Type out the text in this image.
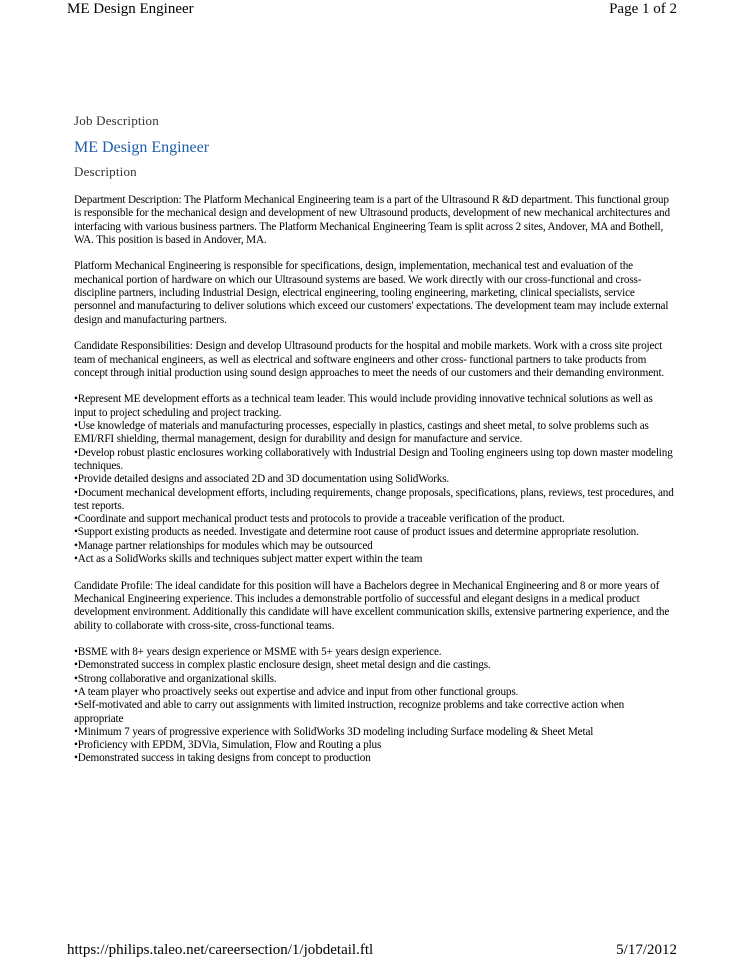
ME Design Engineer	Page 1 of 2
Job Description
ME Design Engineer
Description

Department Description: The Platform Mechanical Engineering team is a part of the Ultrasound R &D department. This functional group is responsible for the mechanical design and development of new Ultrasound products, development of new mechanical architectures and interfacing with various business partners. The Platform Mechanical Engineering Team is split across 2 sites, Andover, MA and Bothell, WA. This position is based in Andover, MA.

Platform Mechanical Engineering is responsible for specifications, design, implementation, mechanical test and evaluation of the mechanical portion of hardware on which our Ultrasound systems are based. We work directly with our cross-functional and cross-discipline partners, including Industrial Design, electrical engineering, tooling engineering, marketing, clinical specialists, service personnel and manufacturing to deliver solutions which exceed our customers' expectations. The development team may include external design and manufacturing partners.

Candidate Responsibilities: Design and develop Ultrasound products for the hospital and mobile markets. Work with a cross site project team of mechanical engineers, as well as electrical and software engineers and other cross- functional partners to take products from concept through initial production using sound design approaches to meet the needs of our customers and their demanding environment.

•Represent ME development efforts as a technical team leader. This would include providing innovative technical solutions as well as input to project scheduling and project tracking.

•Use knowledge of materials and manufacturing processes, especially in plastics, castings and sheet metal, to solve problems such as EMI/RFI shielding, thermal management, design for durability and design for manufacture and service.

•Develop robust plastic enclosures working collaboratively with Industrial Design and Tooling engineers using top down master modeling techniques.

•Provide detailed designs and associated 2D and 3D documentation using SolidWorks.

•Document mechanical development efforts, including requirements, change proposals, specifications, plans, reviews, test procedures, and test reports.

•Coordinate and support mechanical product tests and protocols to provide a traceable verification of the product.

•Support existing products as needed. Investigate and determine root cause of product issues and determine appropriate resolution.

•Manage partner relationships for modules which may be outsourced

•Act as a SolidWorks skills and techniques subject matter expert within the team

Candidate Profile: The ideal candidate for this position will have a Bachelors degree in Mechanical Engineering and 8 or more years of Mechanical Engineering experience. This includes a demonstrable portfolio of successful and elegant designs in a medical product development environment. Additionally this candidate will have excellent communication skills, extensive partnering experience, and the ability to collaborate with cross-site, cross-functional teams.

•BSME with 8+ years design experience or MSME with 5+ years design experience.

•Demonstrated success in complex plastic enclosure design, sheet metal design and die castings.

•Strong collaborative and organizational skills.

•A team player who proactively seeks out expertise and advice and input from other functional groups.

•Self-motivated and able to carry out assignments with limited instruction, recognize problems and take corrective action when appropriate

•Minimum 7 years of progressive experience with SolidWorks 3D modeling including Surface modeling & Sheet Metal

•Proficiency with EPDM, 3DVia, Simulation, Flow and Routing a plus

•Demonstrated success in taking designs from concept to production

https://philips.taleo.net/careersection/1/jobdetail.ftl	5/17/2012
